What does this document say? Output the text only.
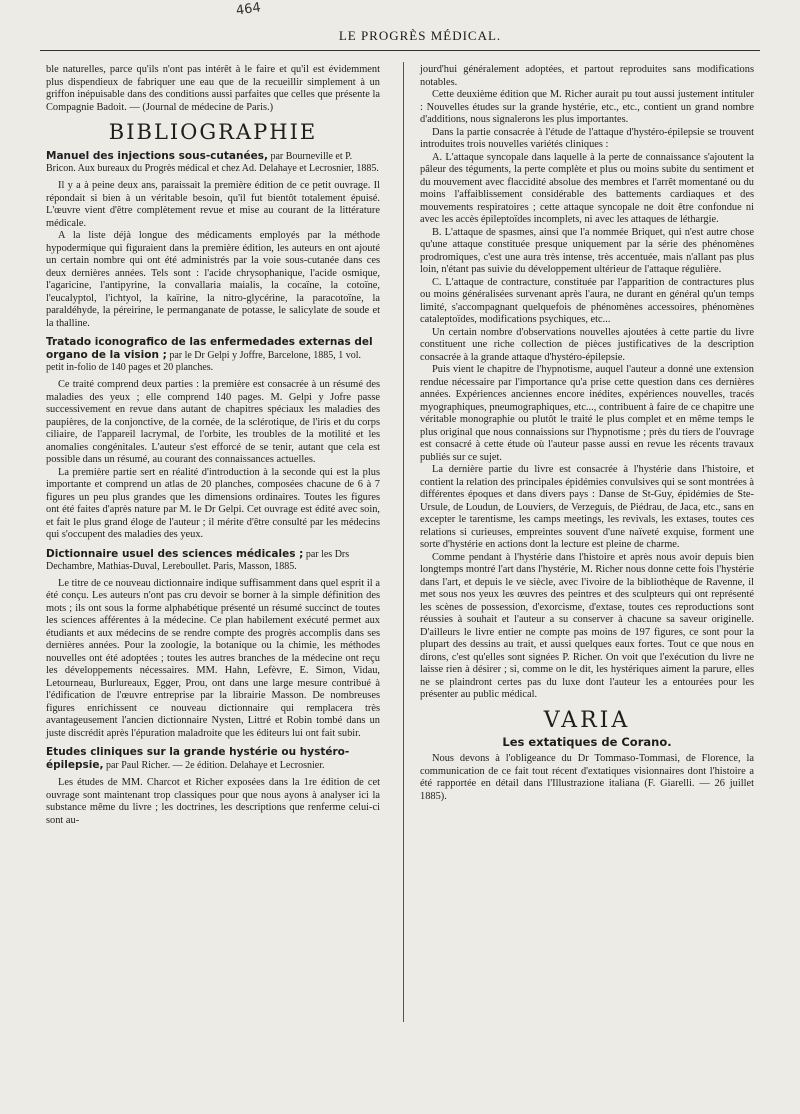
464
LE PROGRÈS MÉDICAL.

ble naturelles, parce qu'ils n'ont pas intérêt à le faire et qu'il est évidemment plus dispendieux de fabriquer une eau que de la recueillir simplement à un griffon inépuisable dans des conditions aussi parfaites que celles que présente la Compagnie Badoit. — (Journal de médecine de Paris.)

BIBLIOGRAPHIE
Manuel des injections sous-cutanées, par Bourneville et P. Bricon. Aux bureaux du Progrès médical et chez Ad. Delahaye et Lecrosnier, 1885.

Il y a à peine deux ans, paraissait la première édition de ce petit ouvrage. Il répondait si bien à un véritable besoin, qu'il fut bientôt totalement épuisé. L'œuvre vient d'être complètement revue et mise au courant de la littérature médicale.

A la liste déjà longue des médicaments employés par la méthode hypodermique qui figuraient dans la première édition, les auteurs en ont ajouté un certain nombre qui ont été administrés par la voie sous-cutanée dans ces deux dernières années. Tels sont : l'acide chrysophanique, l'acide osmique, l'agaricine, l'antipyrine, la convallaria maialis, la cocaïne, la cotoïne, l'eucalyptol, l'ichtyol, la kaïrine, la nitro-glycérine, la paracotoïne, la paraldéhyde, la péreirine, le permanganate de potasse, le salicylate de soude et la thalline.

Tratado iconografico de las enfermedades externas del organo de la vision ; par le Dr Gelpi y Joffre, Barcelone, 1885, 1 vol. petit in-folio de 140 pages et 20 planches.

Ce traité comprend deux parties : la première est consacrée à un résumé des maladies des yeux ; elle comprend 140 pages. M. Gelpi y Jofre passe successivement en revue dans autant de chapitres spéciaux les maladies des paupières, de la conjonctive, de la cornée, de la sclérotique, de l'iris et du corps ciliaire, de l'appareil lacrymal, de l'orbite, les troubles de la motilité et les anomalies congénitales. L'auteur s'est efforcé de se tenir, autant que cela est possible dans un résumé, au courant des connaissances actuelles.

La première partie sert en réalité d'introduction à la seconde qui est la plus importante et comprend un atlas de 20 planches, composées chacune de 6 à 7 figures un peu plus grandes que les dimensions ordinaires. Toutes les figures ont été faites d'après nature par M. le Dr Gelpi. Cet ouvrage est édité avec soin, et fait le plus grand éloge de l'auteur ; il mérite d'être consulté par les médecins qui s'occupent des maladies des yeux.

Dictionnaire usuel des sciences médicales ; par les Drs Dechambre, Mathias-Duval, Lereboullet. Paris, Masson, 1885.

Le titre de ce nouveau dictionnaire indique suffisamment dans quel esprit il a été conçu. Les auteurs n'ont pas cru devoir se borner à la simple définition des mots ; ils ont sous la forme alphabétique présenté un résumé succinct de toutes les sciences afférentes à la médecine. Ce plan habilement exécuté permet aux étudiants et aux médecins de se rendre compte des progrès accomplis dans ses dernières années. Pour la zoologie, la botanique ou la chimie, les méthodes nouvelles ont été adoptées ; toutes les autres branches de la médecine ont reçu les développements nécessaires. MM. Hahn, Lefèvre, E. Simon, Vidau, Letourneau, Burlureaux, Egger, Prou, ont dans une large mesure contribué à l'édification de l'œuvre entreprise par la librairie Masson. De nombreuses figures enrichissent ce nouveau dictionnaire qui remplacera très avantageusement l'ancien dictionnaire Nysten, Littré et Robin tombé dans un juste discrédit après l'épuration maladroite que les éditeurs lui ont fait subir.

Etudes cliniques sur la grande hystérie ou hystéro-épilepsie, par Paul Richer. — 2e édition. Delahaye et Lecrosnier.

Les études de MM. Charcot et Richer exposées dans la 1re édition de cet ouvrage sont maintenant trop classiques pour que nous ayons à analyser ici la substance même du livre ; les doctrines, les descriptions que renferme celui-ci sont au-

jourd'hui généralement adoptées, et partout reproduites sans modifications notables.

Cette deuxième édition que M. Richer aurait pu tout aussi justement intituler : Nouvelles études sur la grande hystérie, etc., etc., contient un grand nombre d'additions, nous signalerons les plus importantes.

Dans la partie consacrée à l'étude de l'attaque d'hystéro-épilepsie se trouvent introduites trois nouvelles variétés cliniques :

A. L'attaque syncopale dans laquelle à la perte de connaissance s'ajoutent la pâleur des téguments, la perte complète et plus ou moins subite du sentiment et du mouvement avec flaccidité absolue des membres et l'arrêt momentané ou du moins l'affaiblissement considérable des battements cardiaques et des mouvements respiratoires ; cette attaque syncopale ne doit être confondue ni avec les accès épileptoïdes incomplets, ni avec les attaques de léthargie.

B. L'attaque de spasmes, ainsi que l'a nommée Briquet, qui n'est autre chose qu'une attaque constituée presque uniquement par la série des phénomènes prodromiques, c'est une aura très intense, très accentuée, mais n'allant pas plus loin, n'étant pas suivie du développement ultérieur de l'attaque régulière.

C. L'attaque de contracture, constituée par l'apparition de contractures plus ou moins généralisées survenant après l'aura, ne durant en général qu'un temps limité, s'accompagnant quelquefois de phénomènes accessoires, phénomènes cataleptoïdes, modifications psychiques, etc...

Un certain nombre d'observations nouvelles ajoutées à cette partie du livre constituent une riche collection de pièces justificatives de la description consacrée à la grande attaque d'hystéro-épilepsie.

Puis vient le chapitre de l'hypnotisme, auquel l'auteur a donné une extension rendue nécessaire par l'importance qu'a prise cette question dans ces dernières années. Expériences anciennes encore inédites, expériences nouvelles, tracés myographiques, pneumographiques, etc..., contribuent à faire de ce chapitre une véritable monographie ou plutôt le traité le plus complet et en même temps le plus original que nous connaissions sur l'hypnotisme ; près du tiers de l'ouvrage est consacré à cette étude où l'auteur passe aussi en revue les récents travaux publiés sur ce sujet.

La dernière partie du livre est consacrée à l'hystérie dans l'histoire, et contient la relation des principales épidémies convulsives qui se sont montrées à différentes époques et dans divers pays : Danse de St-Guy, épidémies de Ste-Ursule, de Loudun, de Louviers, de Verzeguis, de Piédrau, de Jaca, etc., sans en excepter le tarentisme, les camps meetings, les revivals, les extases, toutes ces relations si curieuses, empreintes souvent d'une naïveté exquise, forment une sorte d'hystérie en actions dont la lecture est pleine de charme.

Comme pendant à l'hystérie dans l'histoire et après nous avoir depuis bien longtemps montré l'art dans l'hystérie, M. Richer nous donne cette fois l'hystérie dans l'art, et depuis le ve siècle, avec l'ivoire de la bibliothèque de Ravenne, il met sous nos yeux les œuvres des peintres et des sculpteurs qui ont représenté les scènes de possession, d'exorcisme, d'extase, toutes ces reproductions sont réussies à souhait et l'auteur a su conserver à chacune sa saveur originelle. D'ailleurs le livre entier ne compte pas moins de 197 figures, ce sont pour la plupart des dessins au trait, et aussi quelques eaux fortes. Tout ce que nous en dirons, c'est qu'elles sont signées P. Richer. On voit que l'exécution du livre ne laisse rien à désirer ; si, comme on le dit, les hystériques aiment la parure, elles ne se plaindront certes pas du luxe dont l'auteur les a entourées pour les présenter au public médical.

VARIA
Les extatiques de Corano.

Nous devons à l'obligeance du Dr Tommaso-Tommasi, de Florence, la communication de ce fait tout récent d'extatiques visionnaires dont l'histoire a été rapportée en détail dans l'Illustrazione italiana (F. Giarelli. — 26 juillet 1885).
